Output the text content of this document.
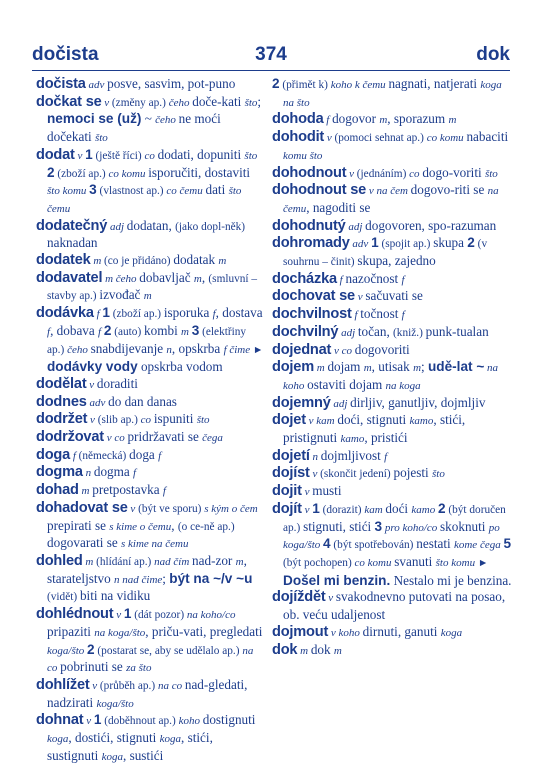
dočista	374	dok

dočista adv posve, sasvim, pot-puno

dočkat se v (změny ap.) čeho doče-kati što; nemoci se (už) ~ čeho ne moći dočekati što

dodat v 1 (ještě říci) co dodati, dopuniti što 2 (zboží ap.) co komu isporučiti, dostaviti što komu 3 (vlastnost ap.) co čemu dati što čemu

dodatečný adj dodatan, (jako dopl-něk) naknadan

dodatek m (co je přidáno) dodatak m

dodavatel m čeho dobavljač m, (smluvní – stavby ap.) izvođač m

dodávka f 1 (zboží ap.) isporuka f, dostava f, dobava f 2 (auto) kombi m 3 (elektřiny ap.) čeho snabdijevanje n, opskrba f čime ► dodávky vody opskrba vodom

dodělat v doraditi

dodnes adv do dan danas

dodržet v (slib ap.) co ispuniti što

dodržovat v co pridržavati se čega

doga f (německá) doga f

dogma n dogma f

dohad m pretpostavka f

dohadovat se v (být ve sporu) s kým o čem prepirati se s kime o čemu, (o ce-ně ap.) dogovarati se s kime na čemu

dohled m (hlídání ap.) nad čím nad-zor m, starateljstvo n nad čime; být na ~/v ~u (vidět) biti na vidiku

dohlédnout v 1 (dát pozor) na koho/co pripaziti na koga/što, priču-vati, pregledati koga/što 2 (postarat se, aby se udělalo ap.) na co pobrinuti se za što

dohlížet v (průběh ap.) na co nad-gledati, nadzirati koga/što

dohnat v 1 (doběhnout ap.) koho dostignuti koga, dostići, stignuti koga, stići, sustignuti koga, sustići

2 (přimět k) koho k čemu nagnati, natjerati koga na što

dohoda f dogovor m, sporazum m

dohodit v (pomoci sehnat ap.) co komu nabaciti komu što

dohodnout v (jednáním) co dogo-voriti što

dohodnout se v na čem dogovo-riti se na čemu, nagoditi se

dohodnutý adj dogovoren, spo-razuman

dohromady adv 1 (spojit ap.) skupa 2 (v souhrnu – činit) skupa, zajedno

docházka f nazočnost f

dochovat se v sačuvati se

dochvilnost f točnost f

dochvilný adj točan, (kniž.) punk-tualan

dojednat v co dogovoriti

dojem m dojam m, utisak m; udě-lat ~ na koho ostaviti dojam na koga

dojemný adj dirljiv, ganutljiv, dojmljiv

dojet v kam doći, stignuti kamo, stići, pristignuti kamo, pristići

dojetí n dojmljivost f

dojíst v (skončit jedení) pojesti što

dojit v musti

dojít v 1 (dorazit) kam doći kamo 2 (být doručen ap.) stignuti, stići 3 pro koho/co skoknuti po koga/što 4 (být spotřebován) nestati kome čega 5 (být pochopen) co komu svanuti što komu ► Došel mi benzin. Nestalo mi je benzina.

dojíždět v svakodnevno putovati na posao, ob. veću udaljenost

dojmout v koho dirnuti, ganuti koga

dok m dok m
